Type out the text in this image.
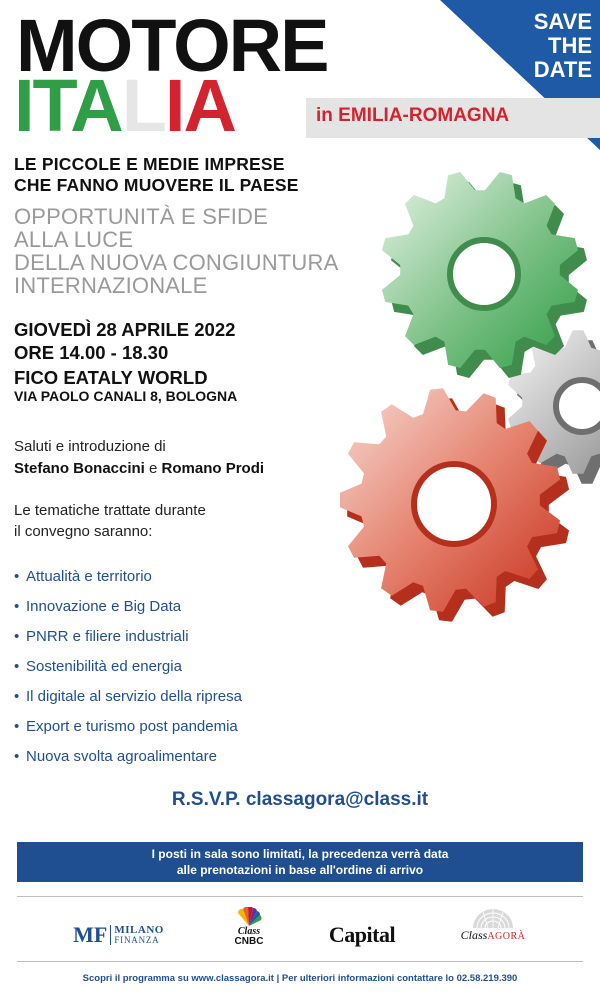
SAVE
THE
DATE
MOTORE
ITALIA	in EMILIA-ROMAGNA
LE PICCOLE E MEDIE IMPRESE
CHE FANNO MUOVERE IL PAESE
OPPORTUNITÀ E SFIDE
ALLA LUCE
DELLA NUOVA CONGIUNTURA
INTERNAZIONALE
GIOVEDÌ 28 APRILE 2022
ORE 14.00 - 18.30
FICO EATALY WORLD
VIA PAOLO CANALI 8, BOLOGNA
Saluti e introduzione di
Stefano Bonaccini e Romano Prodi
Le tematiche trattate durante
il convegno saranno:
• Attualità e territorio
• Innovazione e Big Data
• PNRR e filiere industriali
• Sostenibilità ed energia
• Il digitale al servizio della ripresa
• Export e turismo post pandemia
• Nuova svolta agroalimentare
R.S.V.P. classagora@class.it
I posti in sala sono limitati, la precedenza verrà data
alle prenotazioni in base all'ordine di arrivo
MF MILANO
FINANZA
Class
CNBC	Capital	ClassAGORÀ
Scopri il programma su www.classagora.it | Per ulteriori informazioni contattare lo 02.58.219.390
